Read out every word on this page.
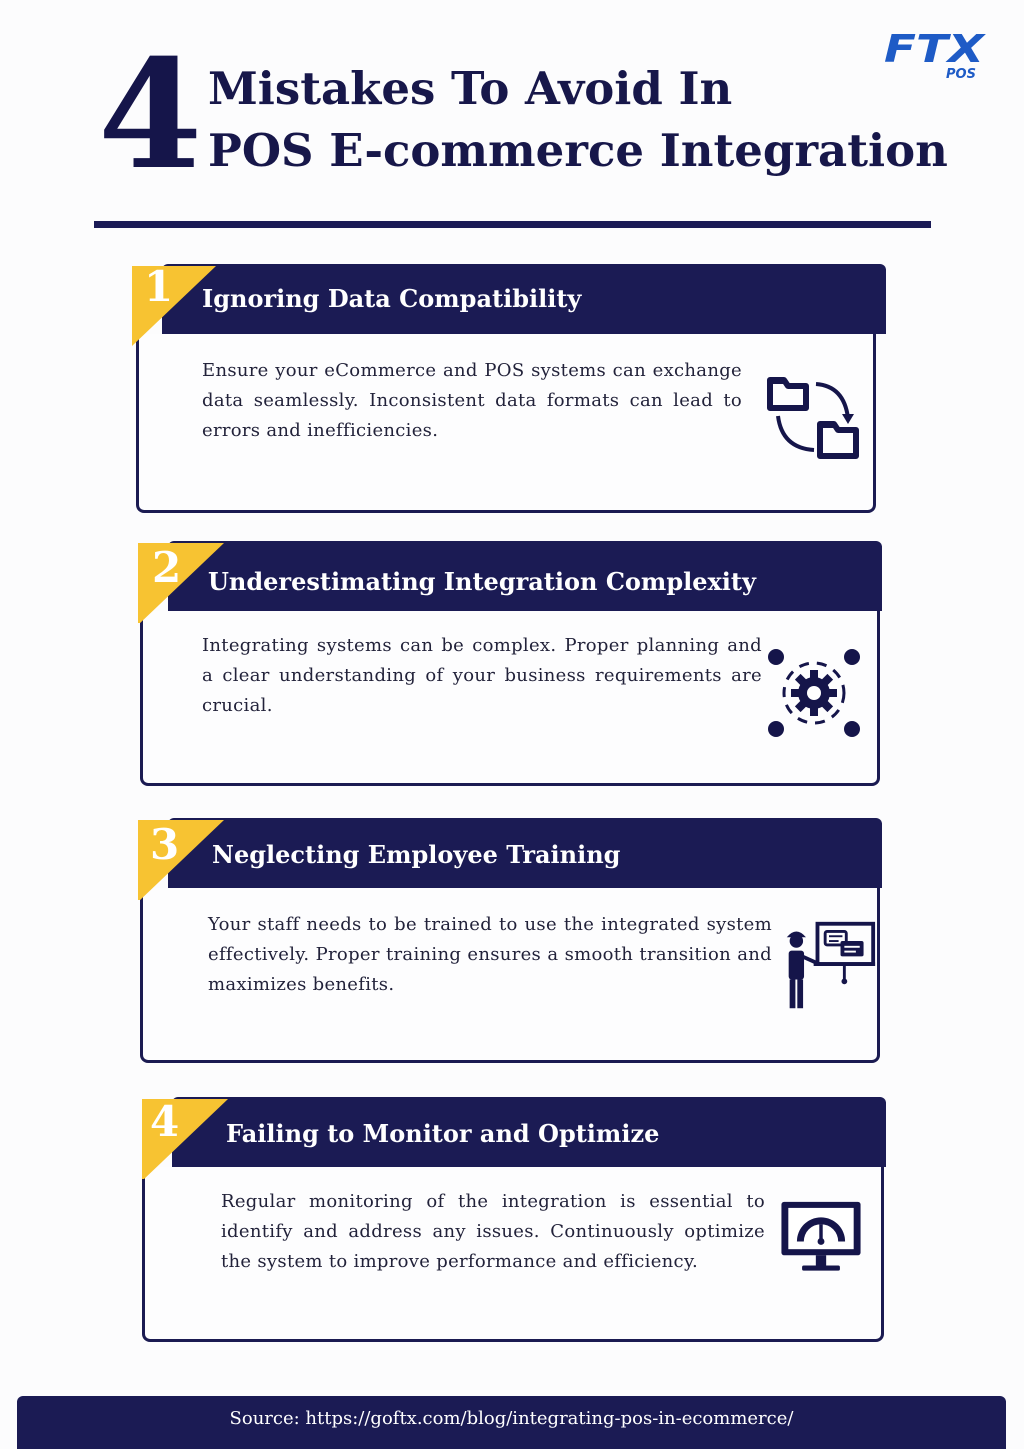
4 Mistakes To Avoid In
POS E-commerce Integration
FTX
POS
1 Ignoring Data Compatibility
Ensure your eCommerce and POS systems can exchange data seamlessly. Inconsistent data formats can lead to errors and inefficiencies.
2 Underestimating Integration Complexity
Integrating systems can be complex. Proper planning and a clear understanding of your business requirements are crucial.
3 Neglecting Employee Training
Your staff needs to be trained to use the integrated system effectively. Proper training ensures a smooth transition and maximizes benefits.
4 Failing to Monitor and Optimize
Regular monitoring of the integration is essential to identify and address any issues. Continuously optimize the system to improve performance and efficiency.
Source: https://goftx.com/blog/integrating-pos-in-ecommerce/
